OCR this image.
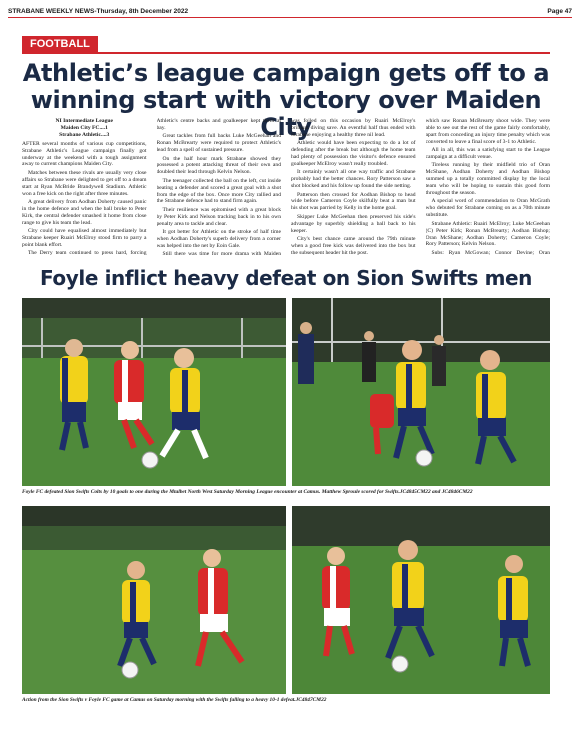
STRABANE WEEKLY NEWS-Thursday, 8th December 2022	Page 47
FOOTBALL
Athletic’s league campaign gets off to a winning start with victory over Maiden City
NI Intermediate League
Maiden City FC....1
Strabane Athletic....3

AFTER several months of various cup competitions, Strabane Athletic's League campaign finally got underway at the weekend with a tough assignment away to current champions Maiden City.

Matches between these rivals are usually very close affairs so Strabane were delighted to get off to a dream start at Ryan McBride Brandywell Stadium. Athletic won a free kick on the right after three minutes.

A great delivery from Aodhan Doherty caused panic in the home defence and when the ball broke to Peter Kirk, the central defender smashed it home from close range to give his team the lead.

City could have equalised almost immediately but Strabane keeper Ruairi McElroy stood firm to parry a point blank effort.

The Derry team continued to press hard, forcing

Athletic's centre backs and goalkeeper kept them at bay.

Great tackles from full backs Luke McGeehan and Ronan McBrearty were required to protect Athletic's lead from a spell of sustained pressure.

On the half hour mark Strabane showed they possessed a potent attacking threat of their own and doubled their lead through Kelvin Nelson.

The teenager collected the ball on the left, cut inside beating a defender and scored a great goal with a shot from the edge of the box. Once more City rallied and the Strabane defence had to stand firm again.

Their resilience was epitomised with a great block by Peter Kirk and Nelson tracking back in to his own penalty area to tackle and clear.

It got better for Athletic on the stroke of half time when Aodhan Doherty's superb delivery from a corner was helped into the net by Eoin Gale.

Still there was time for more drama with Maiden

was foiled on this occasion by Ruairi McElroy's brilliant diving save. An eventful half thus ended with Strabane enjoying a healthy three nil lead.

Athletic would have been expecting to do a lot of defending after the break but although the home team had plenty of possession the visitor's defence ensured goalkeeper McElroy wasn't really troubled.

It certainly wasn't all one way traffic and Strabane probably had the better chances. Rory Patterson saw a shot blocked and his follow up found the side netting.

Patterson then crossed for Aodhan Bishop to head wide before Cameron Coyle skilfully beat a man but his shot was parried by Kelly in the home goal.

Skipper Luke McGeehan then preserved his side's advantage by superbly shielding a ball back to his keeper.

City's best chance came around the 79th minute when a good free kick was delivered into the box but the subsequent header hit the post.

which saw Ronan McBrearty shoot wide. They were able to see out the rest of the game fairly comfortably, apart from conceding an injury time penalty which was converted to leave a final score of 3-1 to Athletic.

All in all, this was a satisfying start to the League campaign at a difficult venue.

Tireless running by their midfield trio of Oran McShane, Aodhan Doherty and Aodhan Bishop summed up a totally committed display by the local team who will be hoping to sustain this good form throughout the season.

A special word of commendation to Oran McGrath who debuted for Strabane coming on as a 70th minute substitute.

Strabane Athletic: Ruairi McElroy; Luke McGeehan (C) Peter Kirk; Ronan McBrearty; Aodhan Bishop; Oran McShane; Aodhan Doherty; Cameron Coyle; Rory Patterson; Kelvin Nelson.

Subs: Ryan McGowan; Connor Devine; Oran

Foyle inflict heavy defeat on Sion Swifts men
Foyle FC defeated Sion Swifts Colts by 10 goals to one during the Mtalbet North West Saturday Morning League encounter at Camus. Matthew Sproule scored for Swifts.JC4845CM22 and JC4846CM22
Action from the Sion Swifts v Foyle FC game at Camus on Saturday morning with the Swifts falling to a heavy 10-1 defeat.JC4847CM22
